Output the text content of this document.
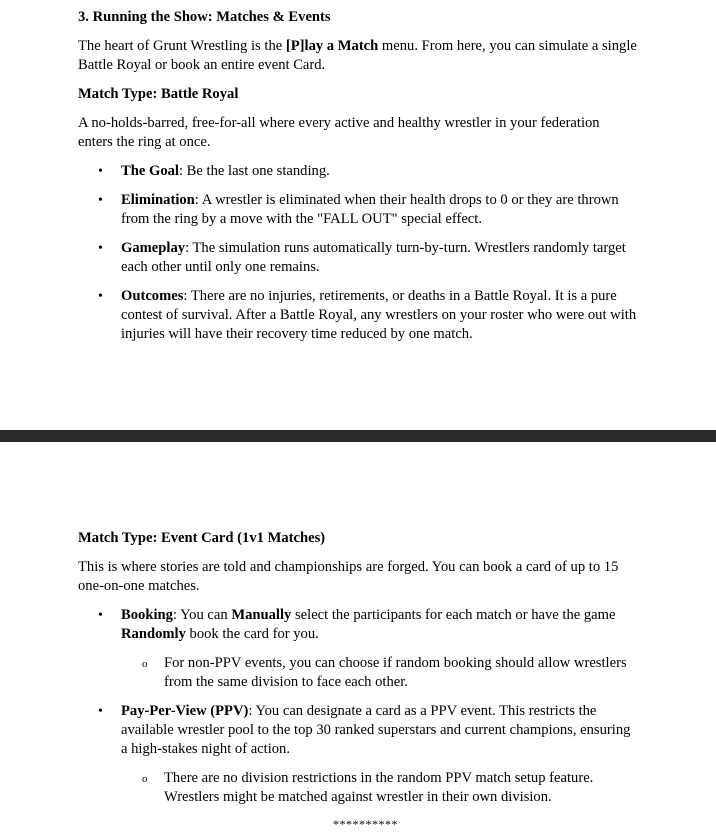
3. Running the Show: Matches & Events

The heart of Grunt Wrestling is the [P]lay a Match menu. From here, you can simulate a single Battle Royal or book an entire event Card.

Match Type: Battle Royal

A no-holds-barred, free-for-all where every active and healthy wrestler in your federation enters the ring at once.

• The Goal: Be the last one standing.
• Elimination: A wrestler is eliminated when their health drops to 0 or they are thrown from the ring by a move with the "FALL OUT" special effect.
• Gameplay: The simulation runs automatically turn-by-turn. Wrestlers randomly target each other until only one remains.
• Outcomes: There are no injuries, retirements, or deaths in a Battle Royal. It is a pure contest of survival. After a Battle Royal, any wrestlers on your roster who were out with injuries will have their recovery time reduced by one match.
Match Type: Event Card (1v1 Matches)

This is where stories are told and championships are forged. You can book a card of up to 15 one-on-one matches.

• Booking: You can Manually select the participants for each match or have the game Randomly book the card for you.
o For non-PPV events, you can choose if random booking should allow wrestlers from the same division to face each other.
• Pay-Per-View (PPV): You can designate a card as a PPV event. This restricts the available wrestler pool to the top 30 ranked superstars and current champions, ensuring a high-stakes night of action.
o There are no division restrictions in the random PPV match setup feature. Wrestlers might be matched against wrestler in their own division.
**********
